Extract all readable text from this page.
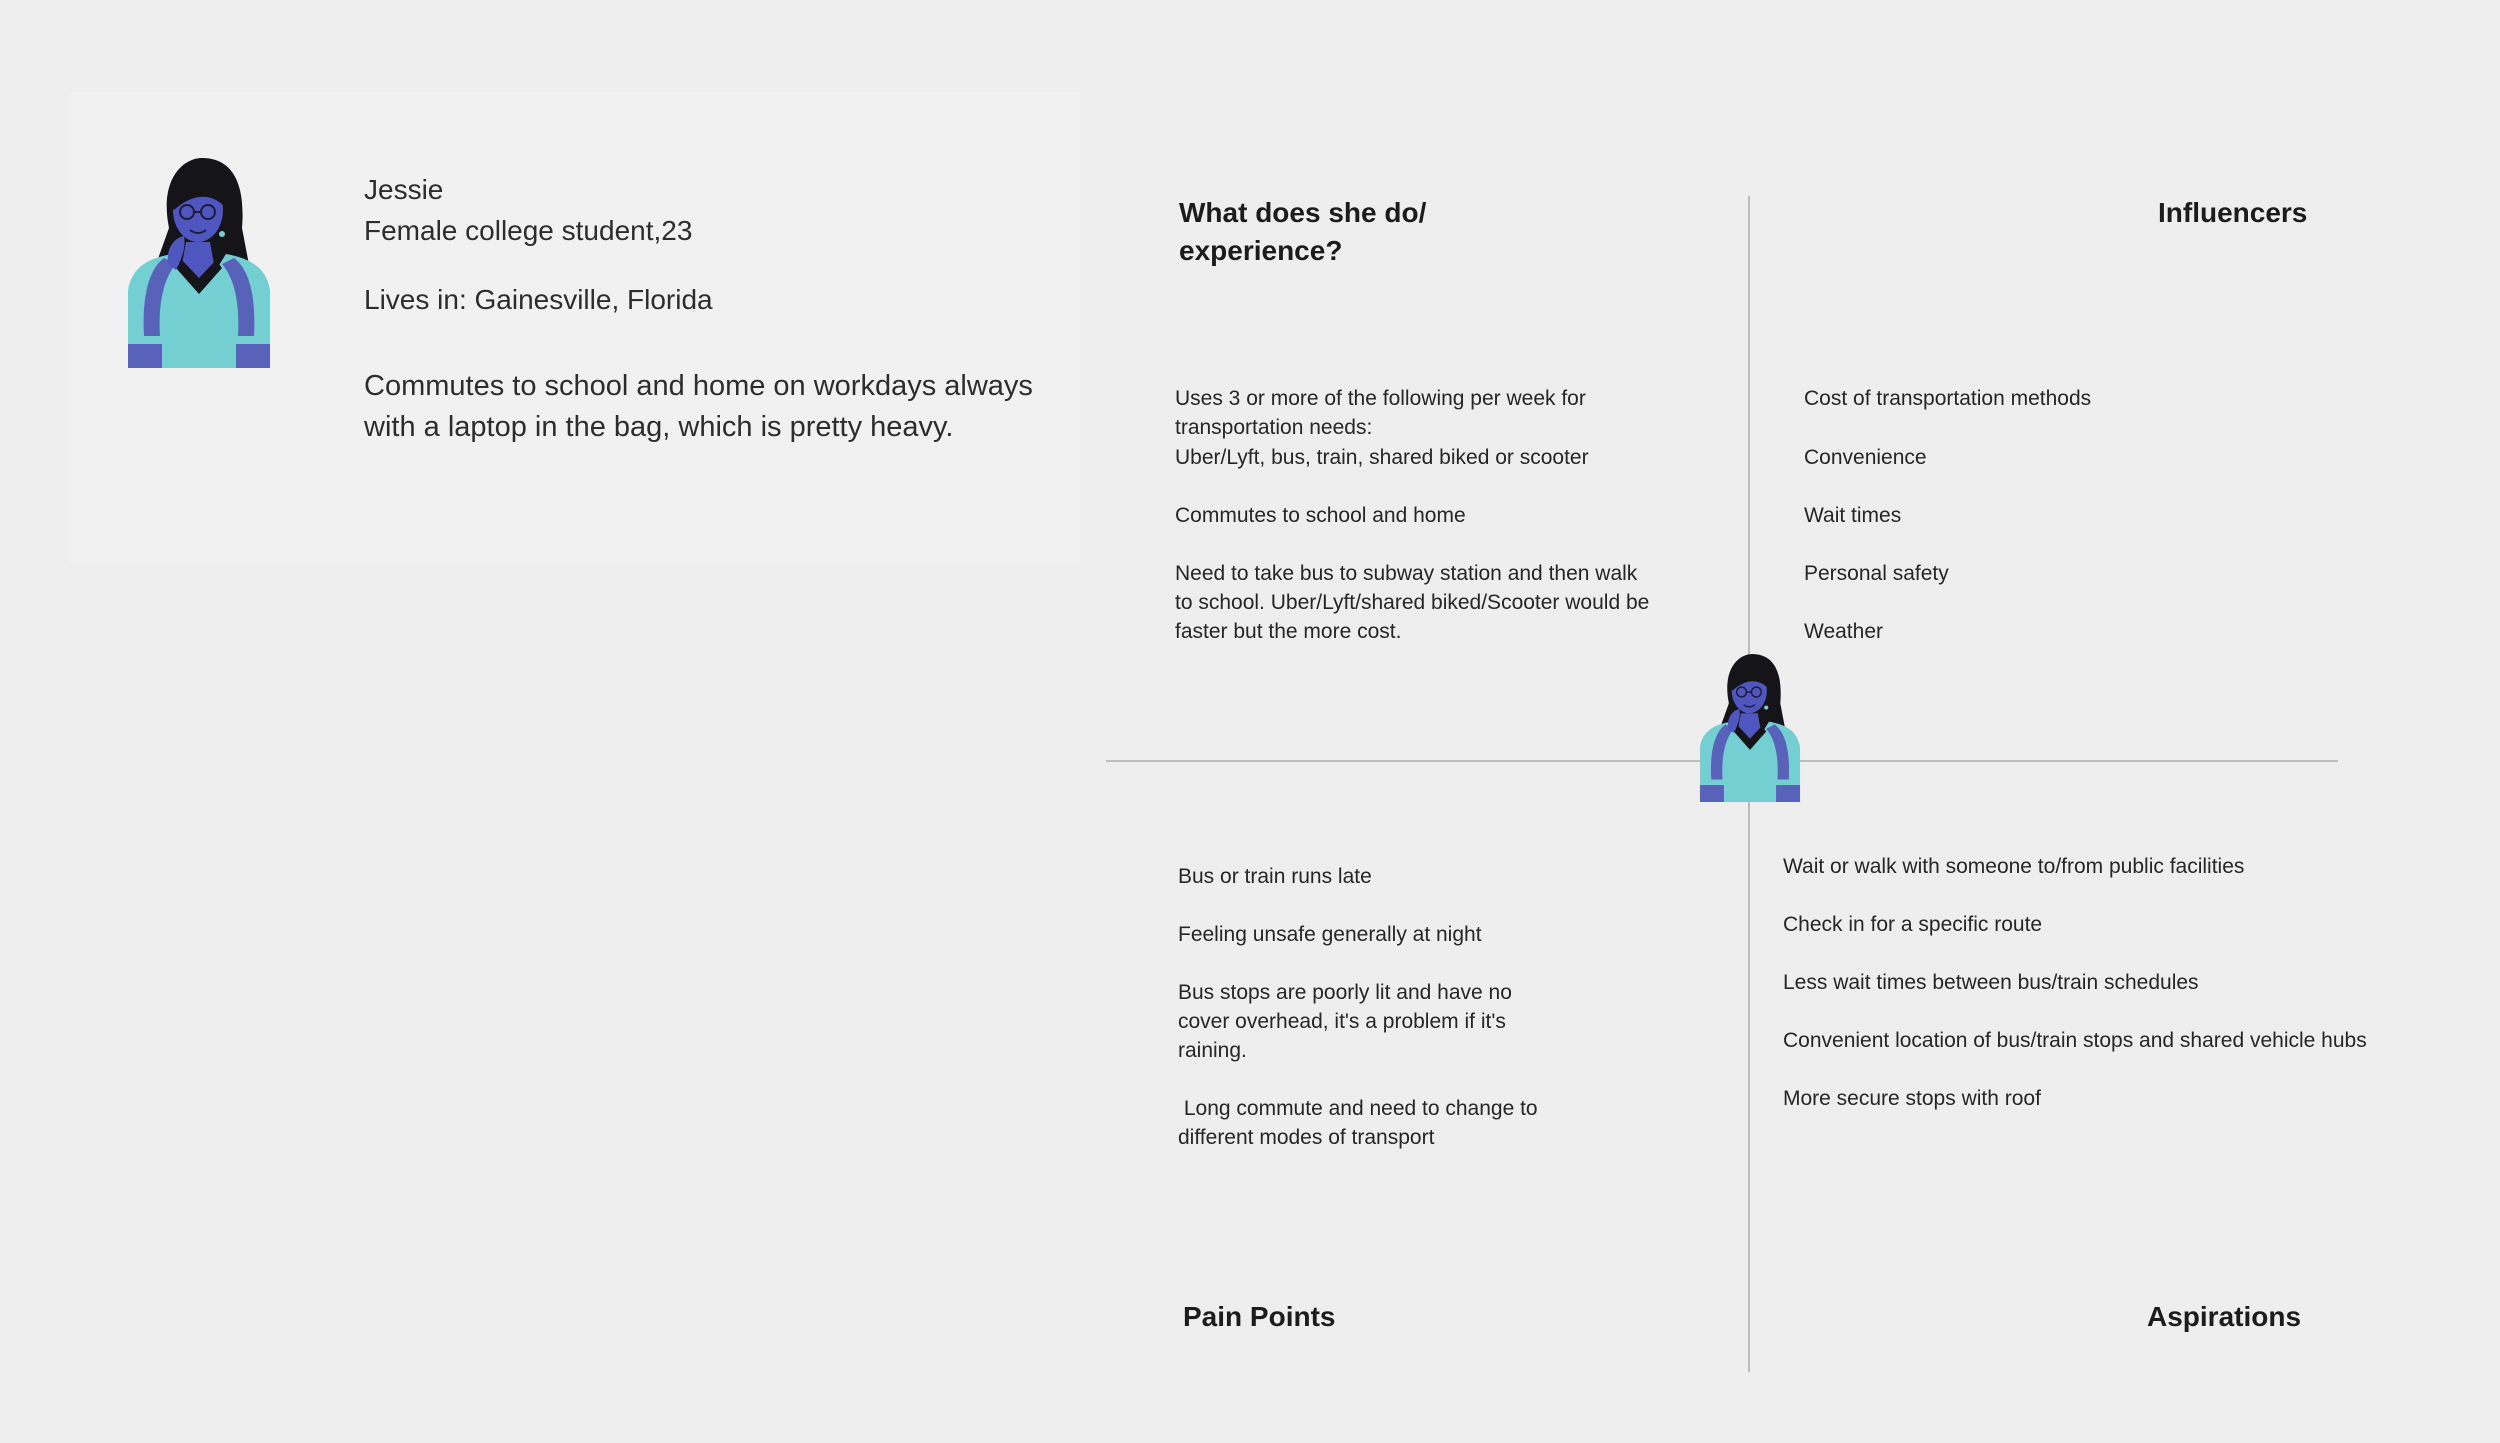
Jessie
Female college student,23
Lives in: Gainesville, Florida
Commutes to school and home on workdays always with a laptop in the bag, which is pretty heavy.
What does she do/ experience?
Influencers
Pain Points	Aspirations
Uses 3 or more of the following per week for transportation needs:
Uber/Lyft, bus, train, shared biked or scooter
Commutes to school and home
Need to take bus to subway station and then walk to school. Uber/Lyft/shared biked/Scooter would be faster but the more cost.
Cost of transportation methods
Convenience
Wait times
Personal safety
Weather
Bus or train runs late
Feeling unsafe generally at night
Bus stops are poorly lit and have no cover overhead, it's a problem if it's raining.
Long commute and need to change to different modes of transport
Wait or walk with someone to/from public facilities
Check in for a specific route
Less wait times between bus/train schedules
Convenient location of bus/train stops and shared vehicle hubs
More secure stops with roof
